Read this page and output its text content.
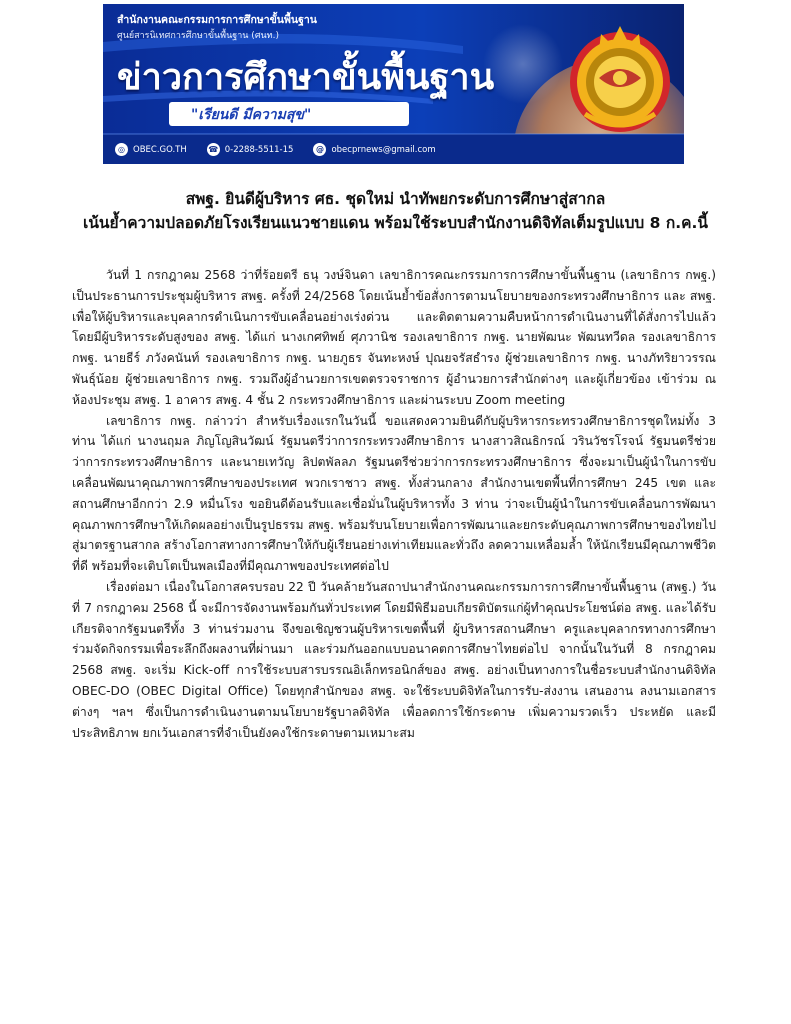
สำนักงานคณะกรรมการการศึกษาขั้นพื้นฐาน
ศูนย์สารนิเทศการศึกษาขั้นพื้นฐาน (ศนท.)
ข่าวการศึกษาขั้นพื้นฐาน
"เรียนดี มีความสุข"
◎ OBEC.GO.TH	☎ 0-2288-5511-15	@ obecprnews@gmail.com
สพฐ. ยินดีผู้บริหาร ศธ. ชุดใหม่ นำทัพยกระดับการศึกษาสู่สากล
เน้นย้ำความปลอดภัยโรงเรียนแนวชายแดน พร้อมใช้ระบบสำนักงานดิจิทัลเต็มรูปแบบ 8 ก.ค.นี้

วันที่ 1 กรกฎาคม 2568 ว่าที่ร้อยตรี ธนุ วงษ์จินดา เลขาธิการคณะกรรมการการศึกษาขั้นพื้นฐาน (เลขาธิการ กพฐ.) เป็นประธานการประชุมผู้บริหาร สพฐ. ครั้งที่ 24/2568 โดยเน้นย้ำข้อสั่งการตามนโยบายของกระทรวงศึกษาธิการ และ สพฐ. เพื่อให้ผู้บริหารและบุคลากรดำเนินการขับเคลื่อนอย่างเร่งด่วน และติดตามความคืบหน้าการดำเนินงานที่ได้สั่งการไปแล้ว โดยมีผู้บริหารระดับสูงของ สพฐ. ได้แก่ นางเกศทิพย์ ศุภวานิช รองเลขาธิการ กพฐ. นายพัฒนะ พัฒนทวีดล รองเลขาธิการ กพฐ. นายธีร์ ภวังคนันท์ รองเลขาธิการ กพฐ. นายภูธร จันทะหงษ์ ปุณยจรัสธำรง ผู้ช่วยเลขาธิการ กพฐ. นางภัทริยาวรรณ พันธุ์น้อย ผู้ช่วยเลขาธิการ กพฐ. รวมถึงผู้อำนวยการเขตตรวจราชการ ผู้อำนวยการสำนักต่างๆ และผู้เกี่ยวข้อง เข้าร่วม ณ ห้องประชุม สพฐ. 1 อาคาร สพฐ. 4 ชั้น 2 กระทรวงศึกษาธิการ และผ่านระบบ Zoom meeting

เลขาธิการ กพฐ. กล่าวว่า สำหรับเรื่องแรกในวันนี้ ขอแสดงความยินดีกับผู้บริหารกระทรวงศึกษาธิการชุดใหม่ทั้ง 3 ท่าน ได้แก่ นางนฤมล ภิญโญสินวัฒน์ รัฐมนตรีว่าการกระทรวงศึกษาธิการ นางสาวสิณธิกรณ์ วรินวัชรโรจน์ รัฐมนตรีช่วยว่าการกระทรวงศึกษาธิการ และนายเทวัญ ลิปตพัลลภ รัฐมนตรีช่วยว่าการกระทรวงศึกษาธิการ ซึ่งจะมาเป็นผู้นำในการขับเคลื่อนพัฒนาคุณภาพการศึกษาของประเทศ พวกเราชาว สพฐ. ทั้งส่วนกลาง สำนักงานเขตพื้นที่การศึกษา 245 เขต และสถานศึกษาอีกกว่า 2.9 หมื่นโรง ขอยินดีต้อนรับและเชื่อมั่นในผู้บริหารทั้ง 3 ท่าน ว่าจะเป็นผู้นำในการขับเคลื่อนการพัฒนาคุณภาพการศึกษาให้เกิดผลอย่างเป็นรูปธรรม สพฐ. พร้อมรับนโยบายเพื่อการพัฒนาและยกระดับคุณภาพการศึกษาของไทยไปสู่มาตรฐานสากล สร้างโอกาสทางการศึกษาให้กับผู้เรียนอย่างเท่าเทียมและทั่วถึง ลดความเหลื่อมล้ำ ให้นักเรียนมีคุณภาพชีวิตที่ดี พร้อมที่จะเติบโตเป็นพลเมืองที่มีคุณภาพของประเทศต่อไป

เรื่องต่อมา เนื่องในโอกาสครบรอบ 22 ปี วันคล้ายวันสถาปนาสำนักงานคณะกรรมการการศึกษาขั้นพื้นฐาน (สพฐ.) วันที่ 7 กรกฎาคม 2568 นี้ จะมีการจัดงานพร้อมกันทั่วประเทศ โดยมีพิธีมอบเกียรติบัตรแก่ผู้ทำคุณประโยชน์ต่อ สพฐ. และได้รับเกียรติจากรัฐมนตรีทั้ง 3 ท่านร่วมงาน จึงขอเชิญชวนผู้บริหารเขตพื้นที่ ผู้บริหารสถานศึกษา ครูและบุคลากรทางการศึกษา ร่วมจัดกิจกรรมเพื่อระลึกถึงผลงานที่ผ่านมา และร่วมกันออกแบบอนาคตการศึกษาไทยต่อไป จากนั้นในวันที่ 8 กรกฎาคม 2568 สพฐ. จะเริ่ม Kick-off การใช้ระบบสารบรรณอิเล็กทรอนิกส์ของ สพฐ. อย่างเป็นทางการในชื่อระบบสำนักงานดิจิทัล OBEC-DO (OBEC Digital Office) โดยทุกสำนักของ สพฐ. จะใช้ระบบดิจิทัลในการรับ-ส่งงาน เสนองาน ลงนามเอกสารต่างๆ ฯลฯ ซึ่งเป็นการดำเนินงานตามนโยบายรัฐบาลดิจิทัล เพื่อลดการใช้กระดาษ เพิ่มความรวดเร็ว ประหยัด และมีประสิทธิภาพ ยกเว้นเอกสารที่จำเป็นยังคงใช้กระดาษตามเหมาะสม
